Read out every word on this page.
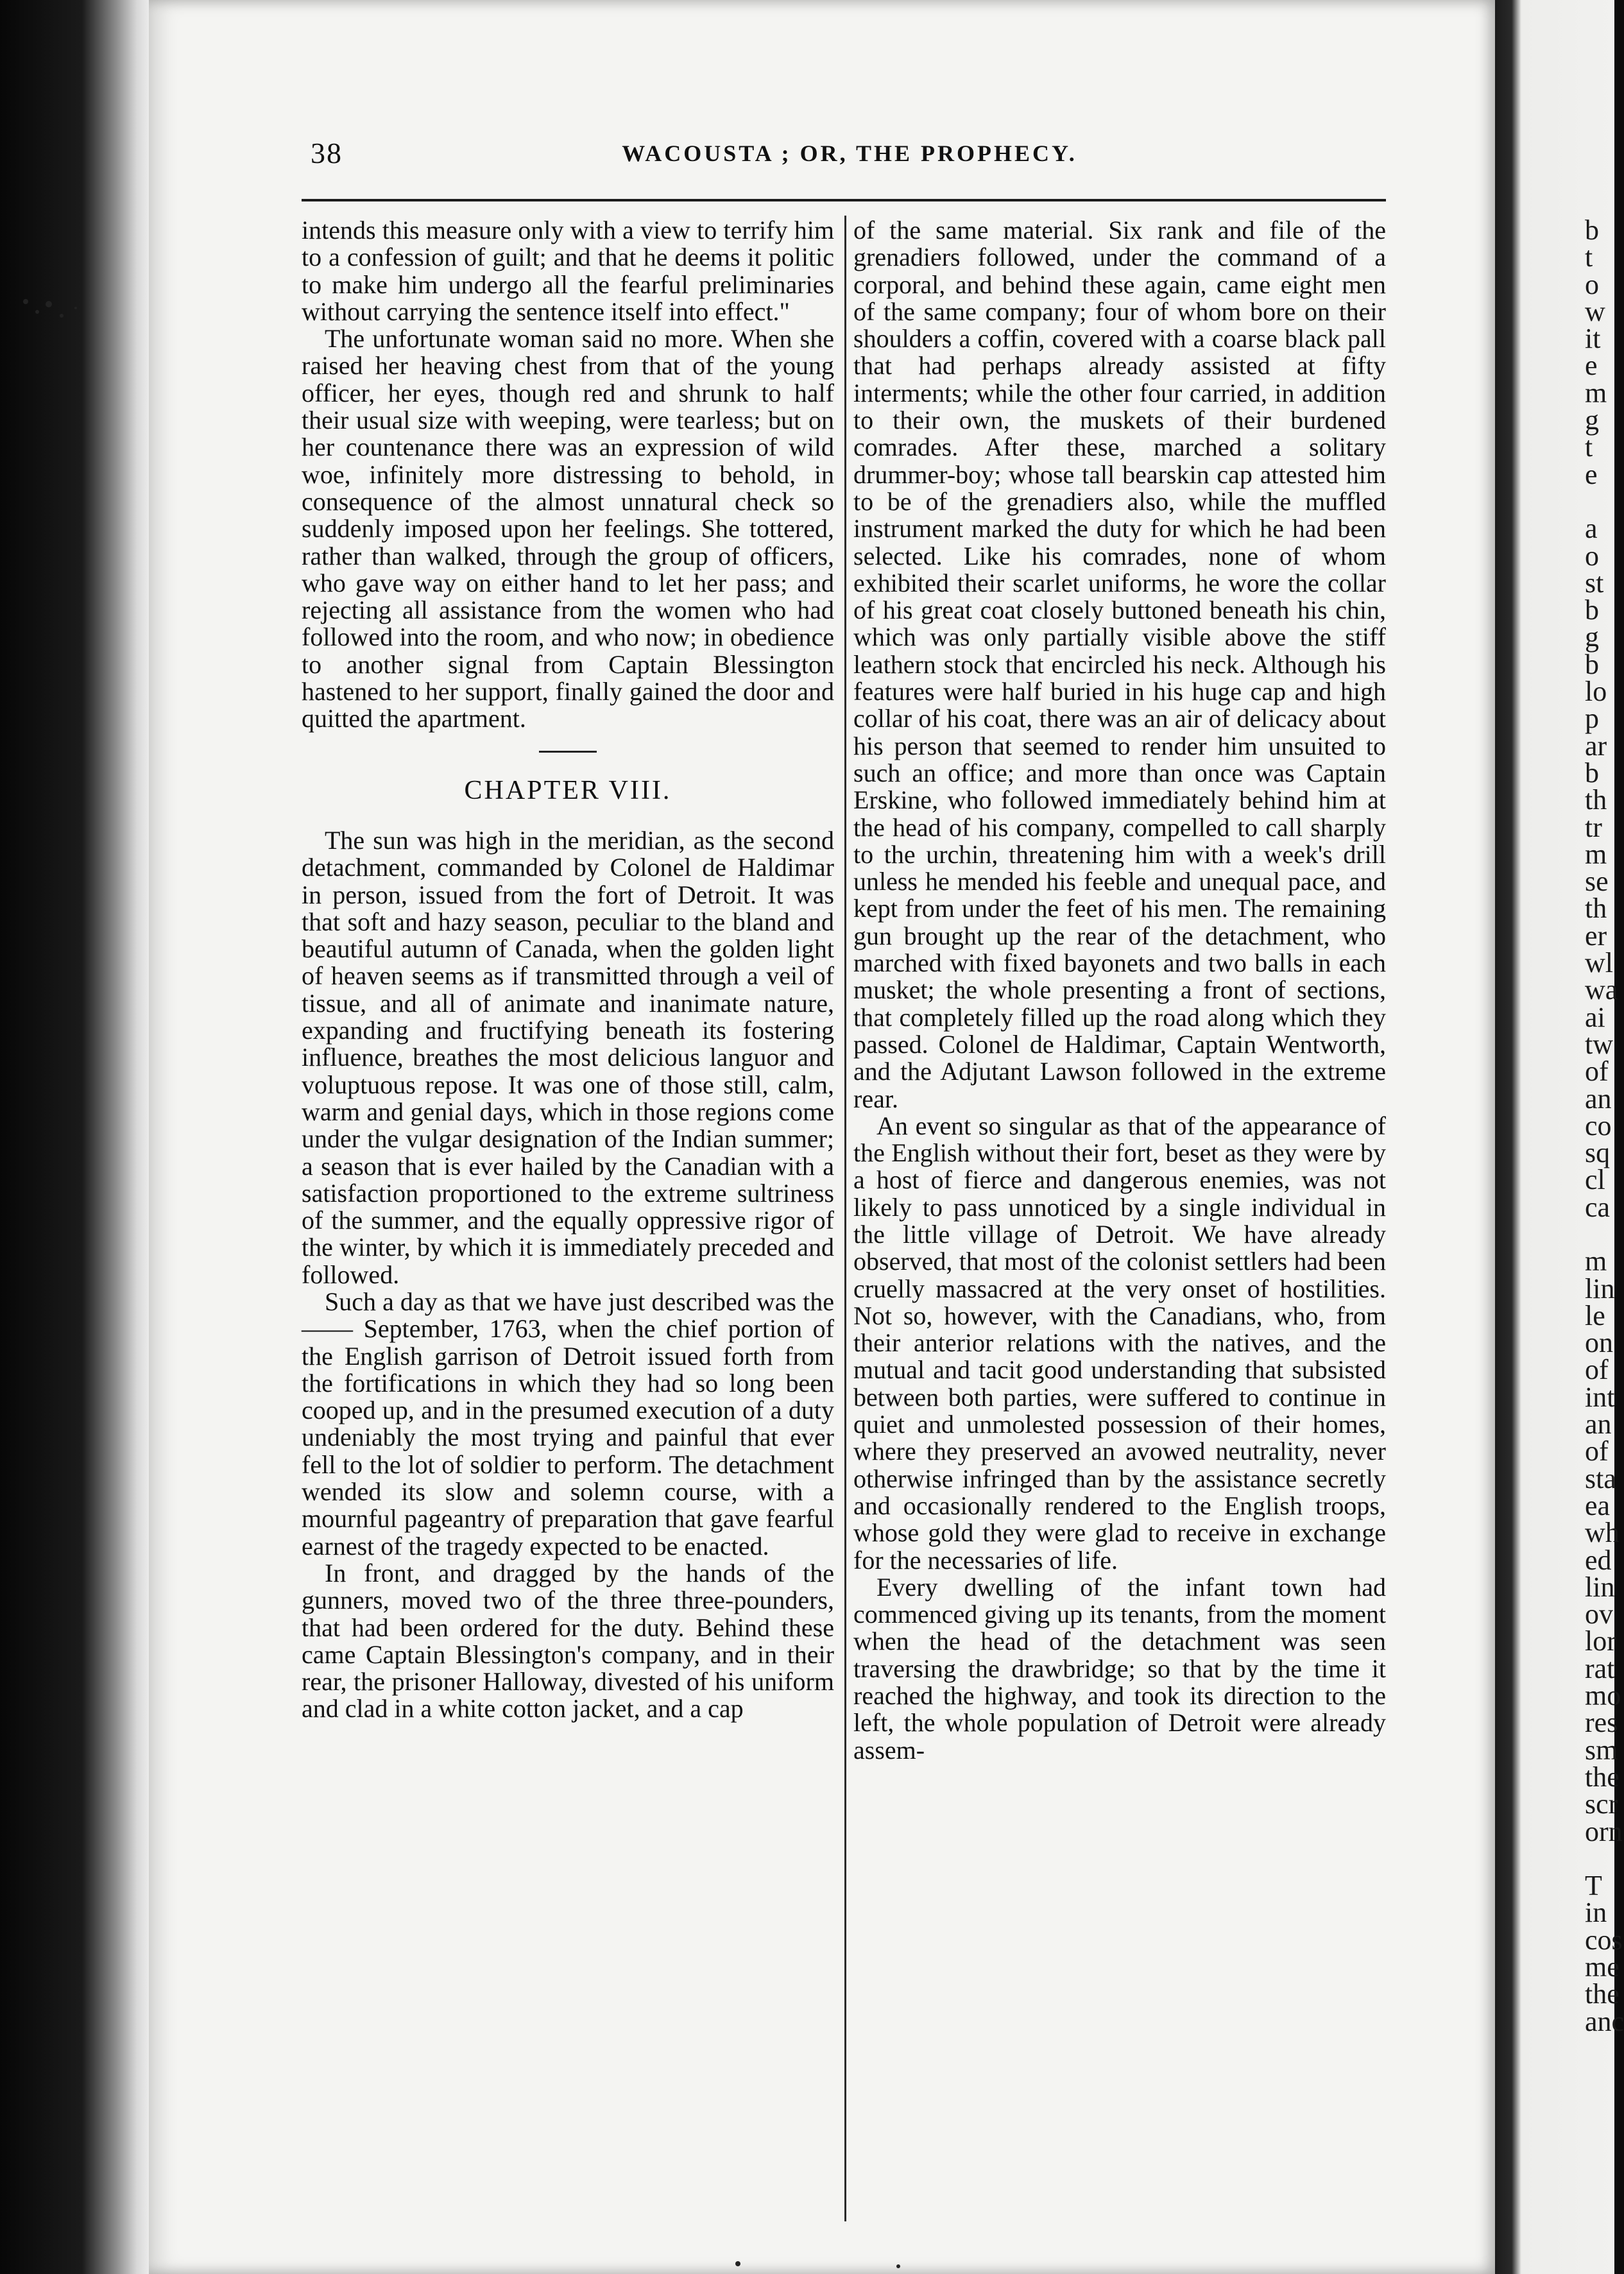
b
t
o
w
it
e
m
g
t
e

a
o
st
b
g
b
lo
p
ar
b
th
tr
m
se
th
er
wl
wa
ai
tw
of
an
co
sq
cl
ca

m
lin
le
on
of
int
an
of
sta
ea
wh
ed
lin
ov
lor
rat
mo
res
sm
the
scr
orn

T
in
cos
me
the
anc
38	WACOUSTA ; OR, THE PROPHECY.

intends this measure only with a view to terrify him to a confession of guilt; and that he deems it politic to make him undergo all the fearful preliminaries without carrying the sentence itself into effect."

The unfortunate woman said no more. When she raised her heaving chest from that of the young officer, her eyes, though red and shrunk to half their usual size with weeping, were tearless; but on her countenance there was an expression of wild woe, infinitely more distressing to behold, in consequence of the almost unnatural check so suddenly imposed upon her feelings. She tottered, rather than walked, through the group of officers, who gave way on either hand to let her pass; and rejecting all assistance from the women who had followed into the room, and who now; in obedience to another signal from Captain Blessington hastened to her support, finally gained the door and quitted the apartment.

CHAPTER VIII.

The sun was high in the meridian, as the second detachment, commanded by Colonel de Haldimar in person, issued from the fort of Detroit. It was that soft and hazy season, peculiar to the bland and beautiful autumn of Canada, when the golden light of heaven seems as if transmitted through a veil of tissue, and all of animate and inanimate nature, expanding and fructifying beneath its fostering influence, breathes the most delicious languor and voluptuous repose. It was one of those still, calm, warm and genial days, which in those regions come under the vulgar designation of the Indian summer; a season that is ever hailed by the Canadian with a satisfaction proportioned to the extreme sultriness of the summer, and the equally oppressive rigor of the winter, by which it is immediately preceded and followed.

Such a day as that we have just described was the —— September, 1763, when the chief portion of the English garrison of Detroit issued forth from the fortifications in which they had so long been cooped up, and in the presumed execution of a duty undeniably the most trying and painful that ever fell to the lot of soldier to perform. The detachment wended its slow and solemn course, with a mournful pageantry of preparation that gave fearful earnest of the tragedy expected to be enacted.

In front, and dragged by the hands of the gunners, moved two of the three three-pounders, that had been ordered for the duty. Behind these came Captain Blessington's company, and in their rear, the prisoner Halloway, divested of his uniform and clad in a white cotton jacket, and a cap

of the same material. Six rank and file of the grenadiers followed, under the command of a corporal, and behind these again, came eight men of the same company; four of whom bore on their shoulders a coffin, covered with a coarse black pall that had perhaps already assisted at fifty interments; while the other four carried, in addition to their own, the muskets of their burdened comrades. After these, marched a solitary drummer-boy; whose tall bearskin cap attested him to be of the grenadiers also, while the muffled instrument marked the duty for which he had been selected. Like his comrades, none of whom exhibited their scarlet uniforms, he wore the collar of his great coat closely buttoned beneath his chin, which was only partially visible above the stiff leathern stock that encircled his neck. Although his features were half buried in his huge cap and high collar of his coat, there was an air of delicacy about his person that seemed to render him unsuited to such an office; and more than once was Captain Erskine, who followed immediately behind him at the head of his company, compelled to call sharply to the urchin, threatening him with a week's drill unless he mended his feeble and unequal pace, and kept from under the feet of his men. The remaining gun brought up the rear of the detachment, who marched with fixed bayonets and two balls in each musket; the whole presenting a front of sections, that completely filled up the road along which they passed. Colonel de Haldimar, Captain Wentworth, and the Adjutant Lawson followed in the extreme rear.

An event so singular as that of the appearance of the English without their fort, beset as they were by a host of fierce and dangerous enemies, was not likely to pass unnoticed by a single individual in the little village of Detroit. We have already observed, that most of the colonist settlers had been cruelly massacred at the very onset of hostilities. Not so, however, with the Canadians, who, from their anterior relations with the natives, and the mutual and tacit good understanding that subsisted between both parties, were suffered to continue in quiet and unmolested possession of their homes, where they preserved an avowed neutrality, never otherwise infringed than by the assistance secretly and occasionally rendered to the English troops, whose gold they were glad to receive in exchange for the necessaries of life.

Every dwelling of the infant town had commenced giving up its tenants, from the moment when the head of the detachment was seen traversing the drawbridge; so that by the time it reached the highway, and took its direction to the left, the whole population of Detroit were already assem-
